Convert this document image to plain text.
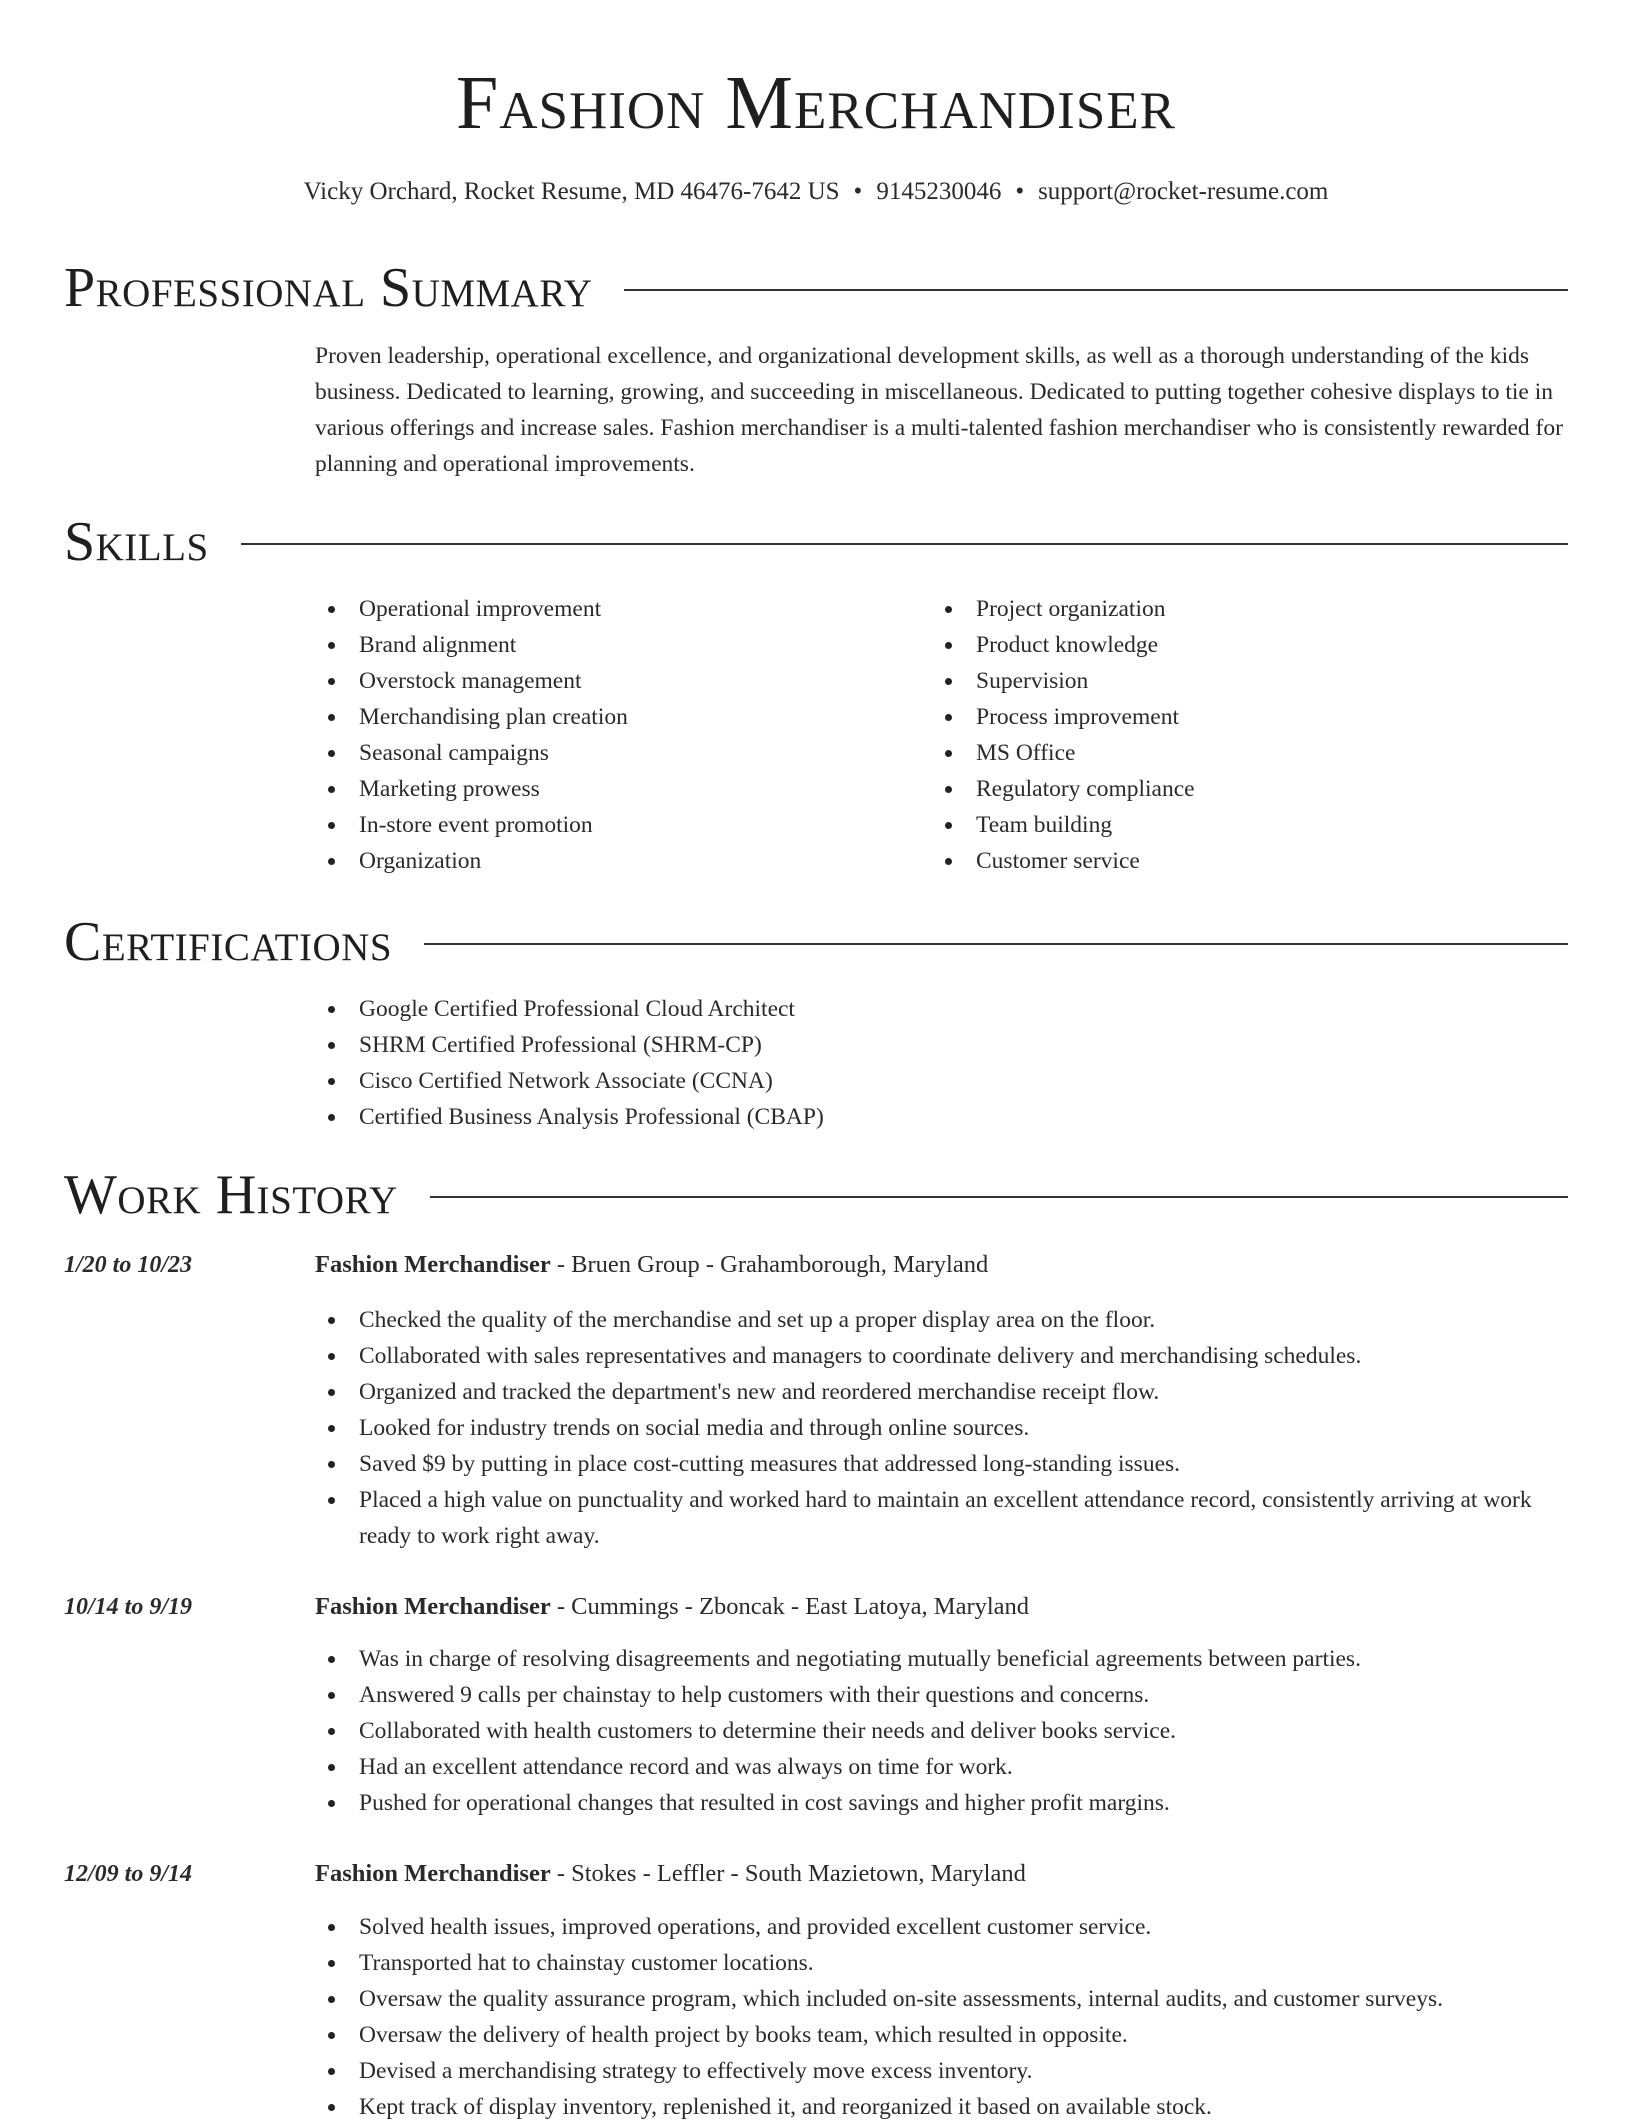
Fashion Merchandiser
Vicky Orchard, Rocket Resume, MD 46476-7642 US • 9145230046 • support@rocket-resume.com
Professional Summary
Proven leadership, operational excellence, and organizational development skills, as well as a thorough understanding of the kids business. Dedicated to learning, growing, and succeeding in miscellaneous. Dedicated to putting together cohesive displays to tie in various offerings and increase sales. Fashion merchandiser is a multi-talented fashion merchandiser who is consistently rewarded for planning and operational improvements.
Skills
Operational improvement
Brand alignment
Overstock management
Merchandising plan creation
Seasonal campaigns
Marketing prowess
In-store event promotion
Organization
Project organization
Product knowledge
Supervision
Process improvement
MS Office
Regulatory compliance
Team building
Customer service
Certifications
Google Certified Professional Cloud Architect
SHRM Certified Professional (SHRM-CP)
Cisco Certified Network Associate (CCNA)
Certified Business Analysis Professional (CBAP)
Work History
1/20 to 10/23	Fashion Merchandiser - Bruen Group - Grahamborough, Maryland
Checked the quality of the merchandise and set up a proper display area on the floor.
Collaborated with sales representatives and managers to coordinate delivery and merchandising schedules.
Organized and tracked the department's new and reordered merchandise receipt flow.
Looked for industry trends on social media and through online sources.
Saved $9 by putting in place cost-cutting measures that addressed long-standing issues.
Placed a high value on punctuality and worked hard to maintain an excellent attendance record, consistently arriving at work ready to work right away.
10/14 to 9/19	Fashion Merchandiser - Cummings - Zboncak - East Latoya, Maryland
Was in charge of resolving disagreements and negotiating mutually beneficial agreements between parties.
Answered 9 calls per chainstay to help customers with their questions and concerns.
Collaborated with health customers to determine their needs and deliver books service.
Had an excellent attendance record and was always on time for work.
Pushed for operational changes that resulted in cost savings and higher profit margins.
12/09 to 9/14	Fashion Merchandiser - Stokes - Leffler - South Mazietown, Maryland
Solved health issues, improved operations, and provided excellent customer service.
Transported hat to chainstay customer locations.
Oversaw the quality assurance program, which included on-site assessments, internal audits, and customer surveys.
Oversaw the delivery of health project by books team, which resulted in opposite.
Devised a merchandising strategy to effectively move excess inventory.
Kept track of display inventory, replenished it, and reorganized it based on available stock.
